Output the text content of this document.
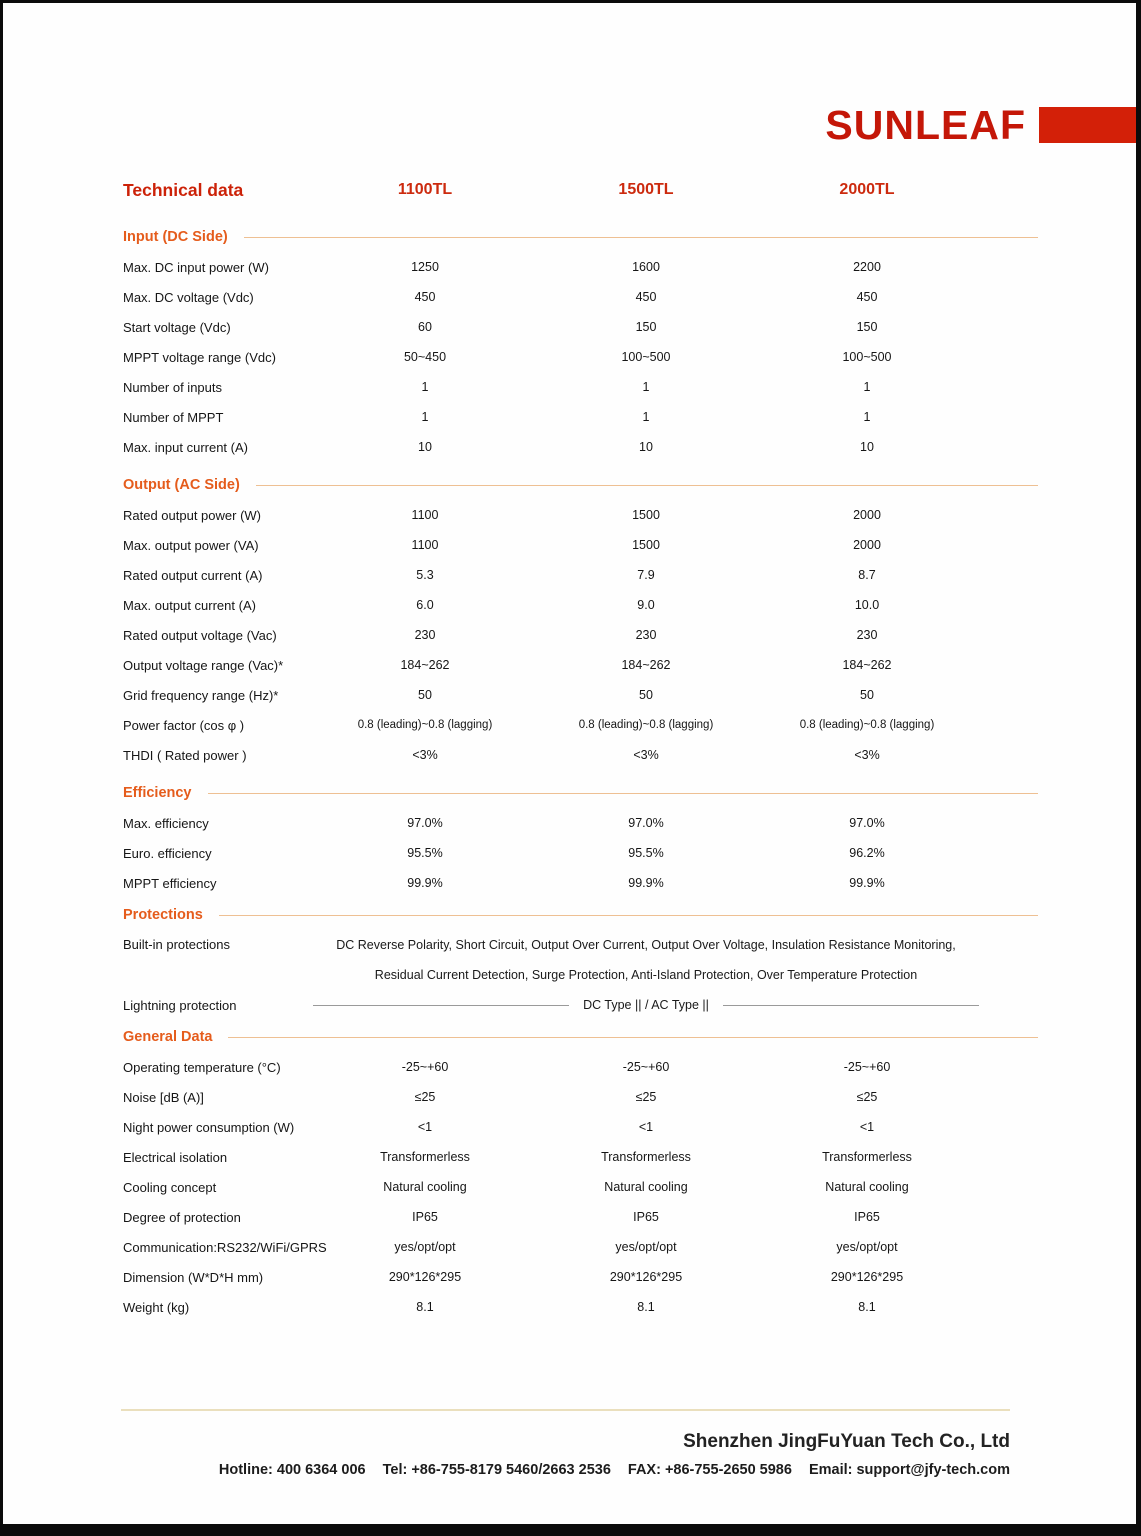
SUNLEAF
Technical data	1100TL	1500TL	2000TL
Input (DC Side)
Max. DC input power (W)	1250	1600	2200
Max. DC voltage (Vdc)	450	450	450
Start voltage (Vdc)	60	150	150
MPPT voltage range (Vdc)	50~450	100~500	100~500
Number of inputs	1	1	1
Number of MPPT	1	1	1
Max. input current (A)	10	10	10
Output (AC Side)
Rated output power (W)	1100	1500	2000
Max. output power (VA)	1100	1500	2000
Rated output current (A)	5.3	7.9	8.7
Max. output current (A)	6.0	9.0	10.0
Rated output voltage (Vac)	230	230	230
Output voltage range (Vac)*	184~262	184~262	184~262
Grid frequency range (Hz)*	50	50	50
Power factor (cos φ )	0.8 (leading)~0.8 (lagging)	0.8 (leading)~0.8 (lagging)	0.8 (leading)~0.8 (lagging)
THDI ( Rated power )	<3%	<3%	<3%
Efficiency
Max. efficiency	97.0%	97.0%	97.0%
Euro. efficiency	95.5%	95.5%	96.2%
MPPT efficiency	99.9%	99.9%	99.9%
Protections
Built-in protections	DC Reverse Polarity, Short Circuit, Output Over Current, Output Over Voltage, Insulation Resistance Monitoring,
Residual Current Detection, Surge Protection, Anti-Island Protection, Over Temperature Protection
Lightning protection	DC Type || / AC Type ||
General Data
Operating temperature (°C)	-25~+60	-25~+60	-25~+60
Noise [dB (A)]	≤25	≤25	≤25
Night power consumption (W)	<1	<1	<1
Electrical isolation	Transformerless	Transformerless	Transformerless
Cooling concept	Natural cooling	Natural cooling	Natural cooling
Degree of protection	IP65	IP65	IP65
Communication:RS232/WiFi/GPRS	yes/opt/opt	yes/opt/opt	yes/opt/opt
Dimension (W*D*H mm)	290*126*295	290*126*295	290*126*295
Weight (kg)	8.1	8.1	8.1
Shenzhen JingFuYuan Tech Co., Ltd
Hotline: 400 6364 006 Tel: +86-755-8179 5460/2663 2536 FAX: +86-755-2650 5986 Email: support@jfy-tech.com
